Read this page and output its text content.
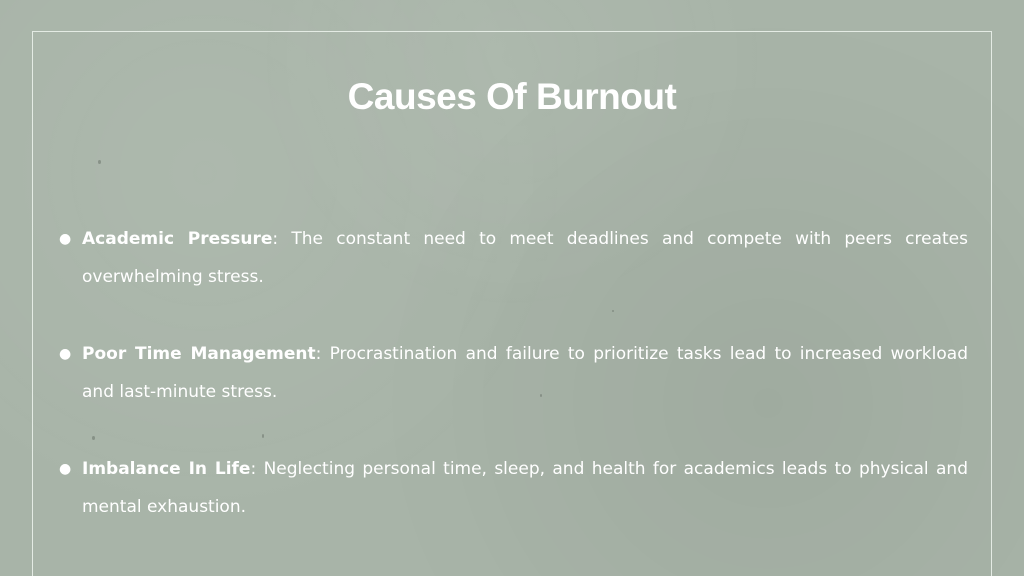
Causes Of Burnout
● Academic Pressure: The constant need to meet deadlines and compete with peers creates overwhelming stress.
● Poor Time Management: Procrastination and failure to prioritize tasks lead to increased workload and last-minute stress.
● Imbalance In Life: Neglecting personal time, sleep, and health for academics leads to physical and mental exhaustion.
